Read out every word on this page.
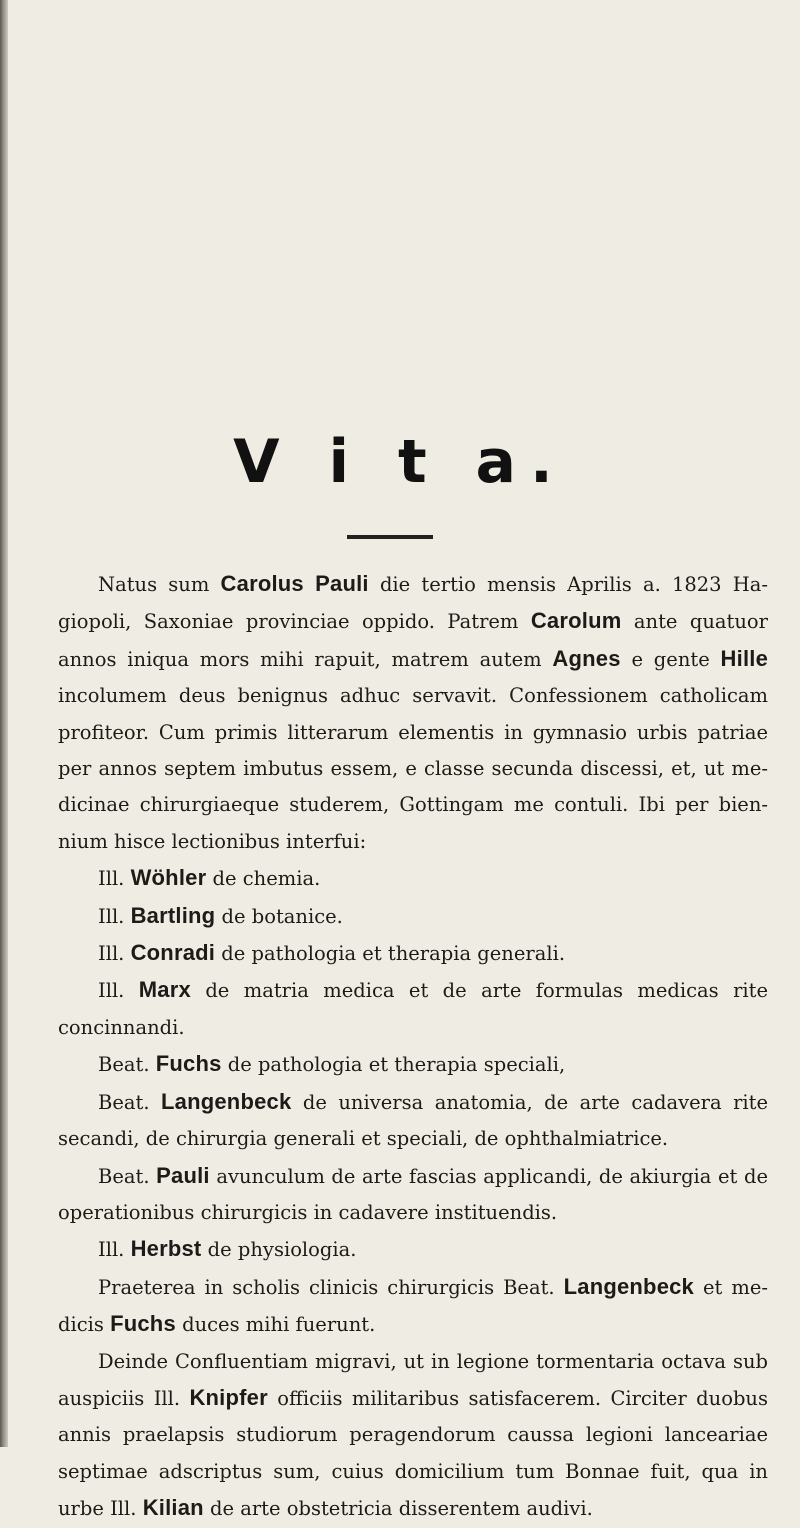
V i t a.

Natus sum Carolus Pauli die tertio mensis Aprilis a. 1823 Hagiopoli, Saxoniae provinciae oppido. Patrem Carolum ante quatuor annos iniqua mors mihi rapuit, matrem autem Agnes e gente Hille incolumem deus benignus adhuc servavit. Confessionem catholicam profiteor. Cum primis litterarum elementis in gymnasio urbis patriae per annos septem imbutus essem, e classe secunda discessi, et, ut medicinae chirurgiaeque studerem, Gottingam me contuli. Ibi per biennium hisce lectionibus interfui:

Ill. Wöhler de chemia.

Ill. Bartling de botanice.

Ill. Conradi de pathologia et therapia generali.

Ill. Marx de matria medica et de arte formulas medicas rite concinnandi.

Beat. Fuchs de pathologia et therapia speciali,

Beat. Langenbeck de universa anatomia, de arte cadavera rite secandi, de chirurgia generali et speciali, de ophthalmiatrice.

Beat. Pauli avunculum de arte fascias applicandi, de akiurgia et de operationibus chirurgicis in cadavere instituendis.

Ill. Herbst de physiologia.

Praeterea in scholis clinicis chirurgicis Beat. Langenbeck et medicis Fuchs duces mihi fuerunt.

Deinde Confluentiam migravi, ut in legione tormentaria octava sub auspiciis Ill. Knipfer officiis militaribus satisfacerem. Circiter duobus annis praelapsis studiorum peragendorum caussa legioni lanceariae septimae adscriptus sum, cuius domicilium tum Bonnae fuit, qua in urbe Ill. Kilian de arte obstetricia disserentem audivi.
